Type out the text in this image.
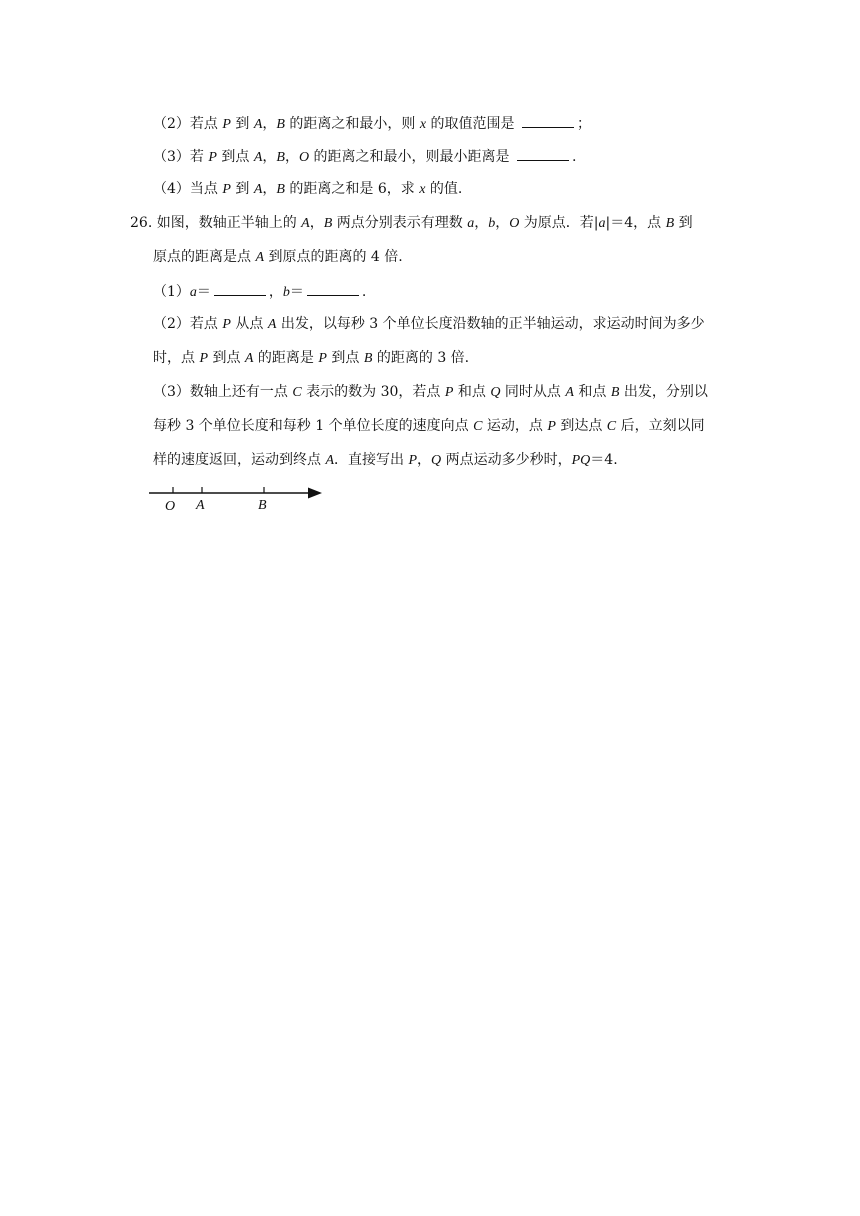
（2）若点 P 到 A，B 的距离之和最小，则 x 的取值范围是	；
（3）若 P 到点 A，B，O 的距离之和最小，则最小距离是	.
（4）当点 P 到 A，B 的距离之和是 6，求 x 的值.
26. 如图，数轴正半轴上的 A，B 两点分别表示有理数 a，b，O 为原点．若|a|＝4，点 B 到
原点的距离是点 A 到原点的距离的 4 倍.
（1）a＝	，b＝	.
（2）若点 P 从点 A 出发，以每秒 3 个单位长度沿数轴的正半轴运动，求运动时间为多少
时，点 P 到点 A 的距离是 P 到点 B 的距离的 3 倍.
（3）数轴上还有一点 C 表示的数为 30，若点 P 和点 Q 同时从点 A 和点 B 出发，分别以
每秒 3 个单位长度和每秒 1 个单位长度的速度向点 C 运动，点 P 到达点 C 后，立刻以同
样的速度返回，运动到终点 A．直接写出 P，Q 两点运动多少秒时，PQ＝4.
O A	B
